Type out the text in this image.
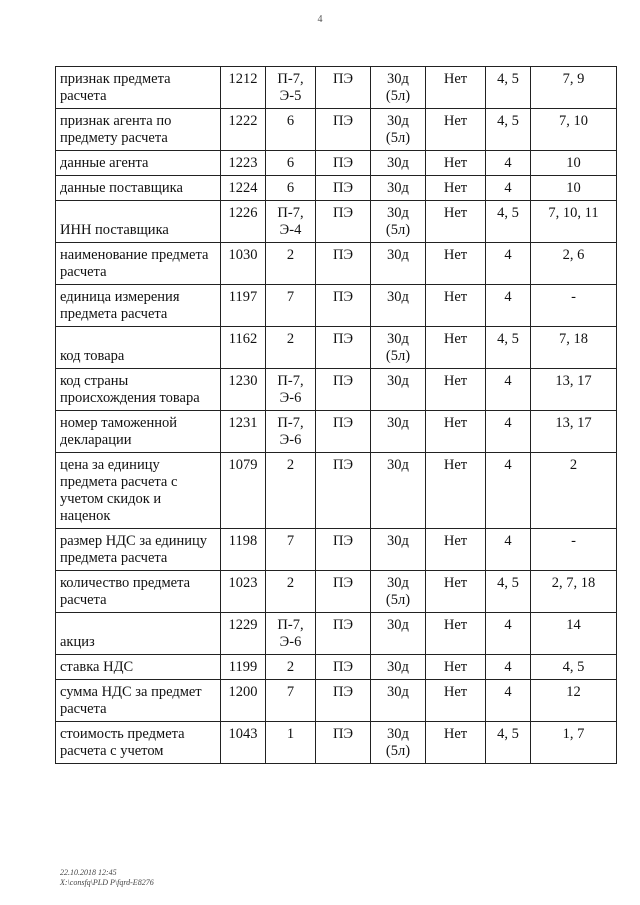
4
признак предмета
расчета	1212	П-7,
Э-5	ПЭ	30д
(5л)	Нет	4, 5	7, 9

признак агента по
предмету расчета	1222	6	ПЭ	30д
(5л)	Нет	4, 5	7, 10

данные агента	1223	6	ПЭ	30д	Нет	4	10

данные поставщика	1224	6	ПЭ	30д	Нет	4	10

ИНН поставщика	1226	П-7,
Э-4	ПЭ	30д
(5л)	Нет	4, 5	7, 10, 11

наименование предмета
расчета	1030	2	ПЭ	30д	Нет	4	2, 6

единица измерения
предмета расчета	1197	7	ПЭ	30д	Нет	4	-

код товара	1162	2	ПЭ	30д
(5л)	Нет	4, 5	7, 18

код страны
происхождения товара	1230	П-7,
Э-6	ПЭ	30д	Нет	4	13, 17

номер таможенной
декларации	1231	П-7,
Э-6	ПЭ	30д	Нет	4	13, 17

цена за единицу
предмета расчета с
учетом скидок и
наценок	1079	2	ПЭ	30д	Нет	4	2

размер НДС за единицу
предмета расчета	1198	7	ПЭ	30д	Нет	4	-

количество предмета
расчета	1023	2	ПЭ	30д
(5л)	Нет	4, 5	2, 7, 18

акциз	1229	П-7,
Э-6	ПЭ	30д	Нет	4	14

ставка НДС	1199	2	ПЭ	30д	Нет	4	4, 5

сумма НДС за предмет
расчета	1200	7	ПЭ	30д	Нет	4	12

стоимость предмета
расчета с учетом	1043	1	ПЭ	30д
(5л)	Нет	4, 5	1, 7
22.10.2018 12:45
X:\consfq\PLD P\fqrd-E8276
